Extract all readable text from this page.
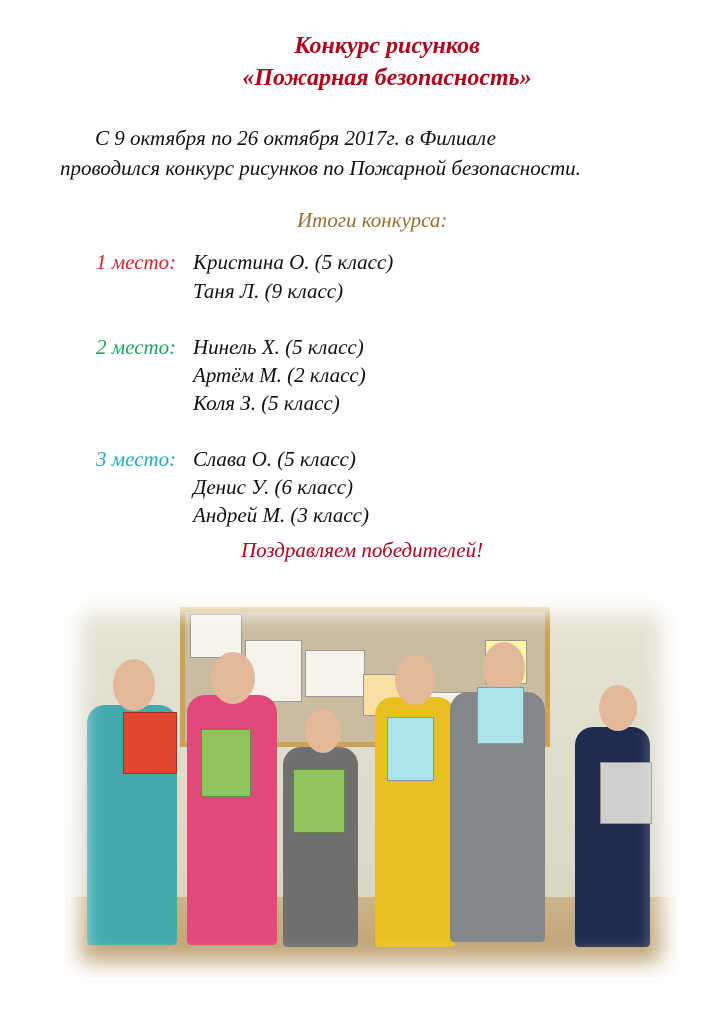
Конкурс рисунков
«Пожарная безопасность»
С 9 октября по 26 октября 2017г. в Филиале
проводился конкурс рисунков по Пожарной безопасности.
Итоги конкурса:
1 место: Кристина О. (5 класс)
Таня Л. (9 класс)
2 место: Нинель Х. (5 класс)
Артём М. (2 класс)
Коля З. (5 класс)
3 место: Слава О. (5 класс)
Денис У. (6 класс)
Андрей М. (3 класс)
Поздравляем победителей!
